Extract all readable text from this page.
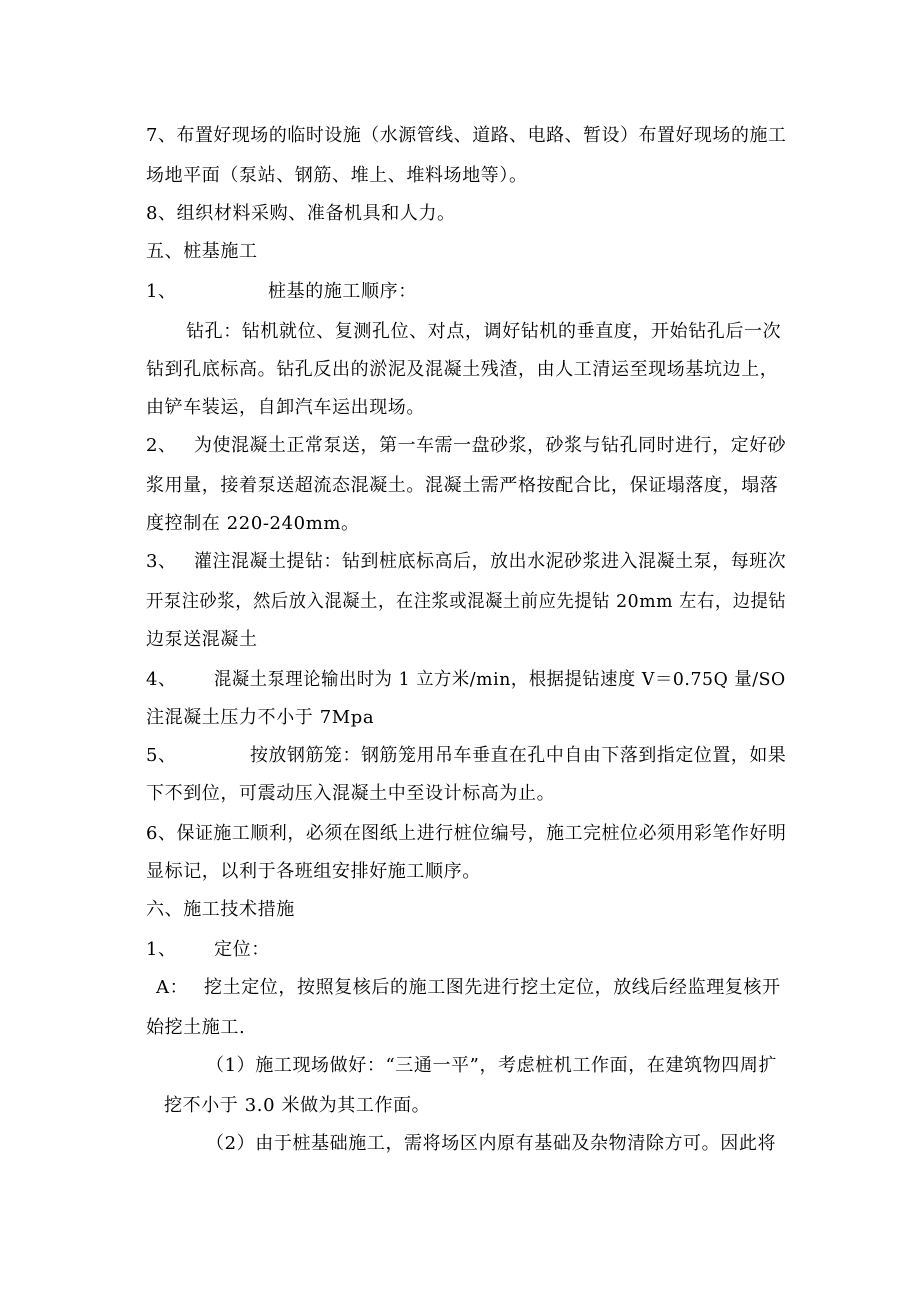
7、布置好现场的临时设施（水源管线、道路、电路、暂设）布置好现场的施工
场地平面（泵站、钢筋、堆上、堆料场地等）。
8、组织材料采购、准备机具和人力。
五、桩基施工
1、	桩基的施工顺序：
钻孔：钻机就位、复测孔位、对点，调好钻机的垂直度，开始钻孔后一次
钻到孔底标高。钻孔反出的淤泥及混凝土残渣，由人工清运至现场基坑边上，
由铲车装运，自卸汽车运出现场。
2、 为使混凝土正常泵送，第一车需一盘砂浆，砂浆与钻孔同时进行，定好砂
浆用量，接着泵送超流态混凝土。混凝土需严格按配合比，保证塌落度，塌落
度控制在 220-240mm。
3、 灌注混凝土提钻：钻到桩底标高后，放出水泥砂浆进入混凝土泵，每班次
开泵注砂浆，然后放入混凝土，在注浆或混凝土前应先提钻 20mm 左右，边提钻
边泵送混凝土
4、 混凝土泵理论输出时为 1 立方米/min，根据提钻速度 V＝0.75Q 量/SO
注混凝土压力不小于 7Mpa
5、	按放钢筋笼：钢筋笼用吊车垂直在孔中自由下落到指定位置，如果
下不到位，可震动压入混凝土中至设计标高为止。
6、保证施工顺利，必须在图纸上进行桩位编号，施工完桩位必须用彩笔作好明
显标记，以利于各班组安排好施工顺序。
六、施工技术措施
1、 定位：
A： 挖土定位，按照复核后的施工图先进行挖土定位，放线后经监理复核开
始挖土施工.
（1）施工现场做好：“三通一平”，考虑桩机工作面，在建筑物四周扩
挖不小于 3.0 米做为其工作面。
（2）由于桩基础施工，需将场区内原有基础及杂物清除方可。因此将
